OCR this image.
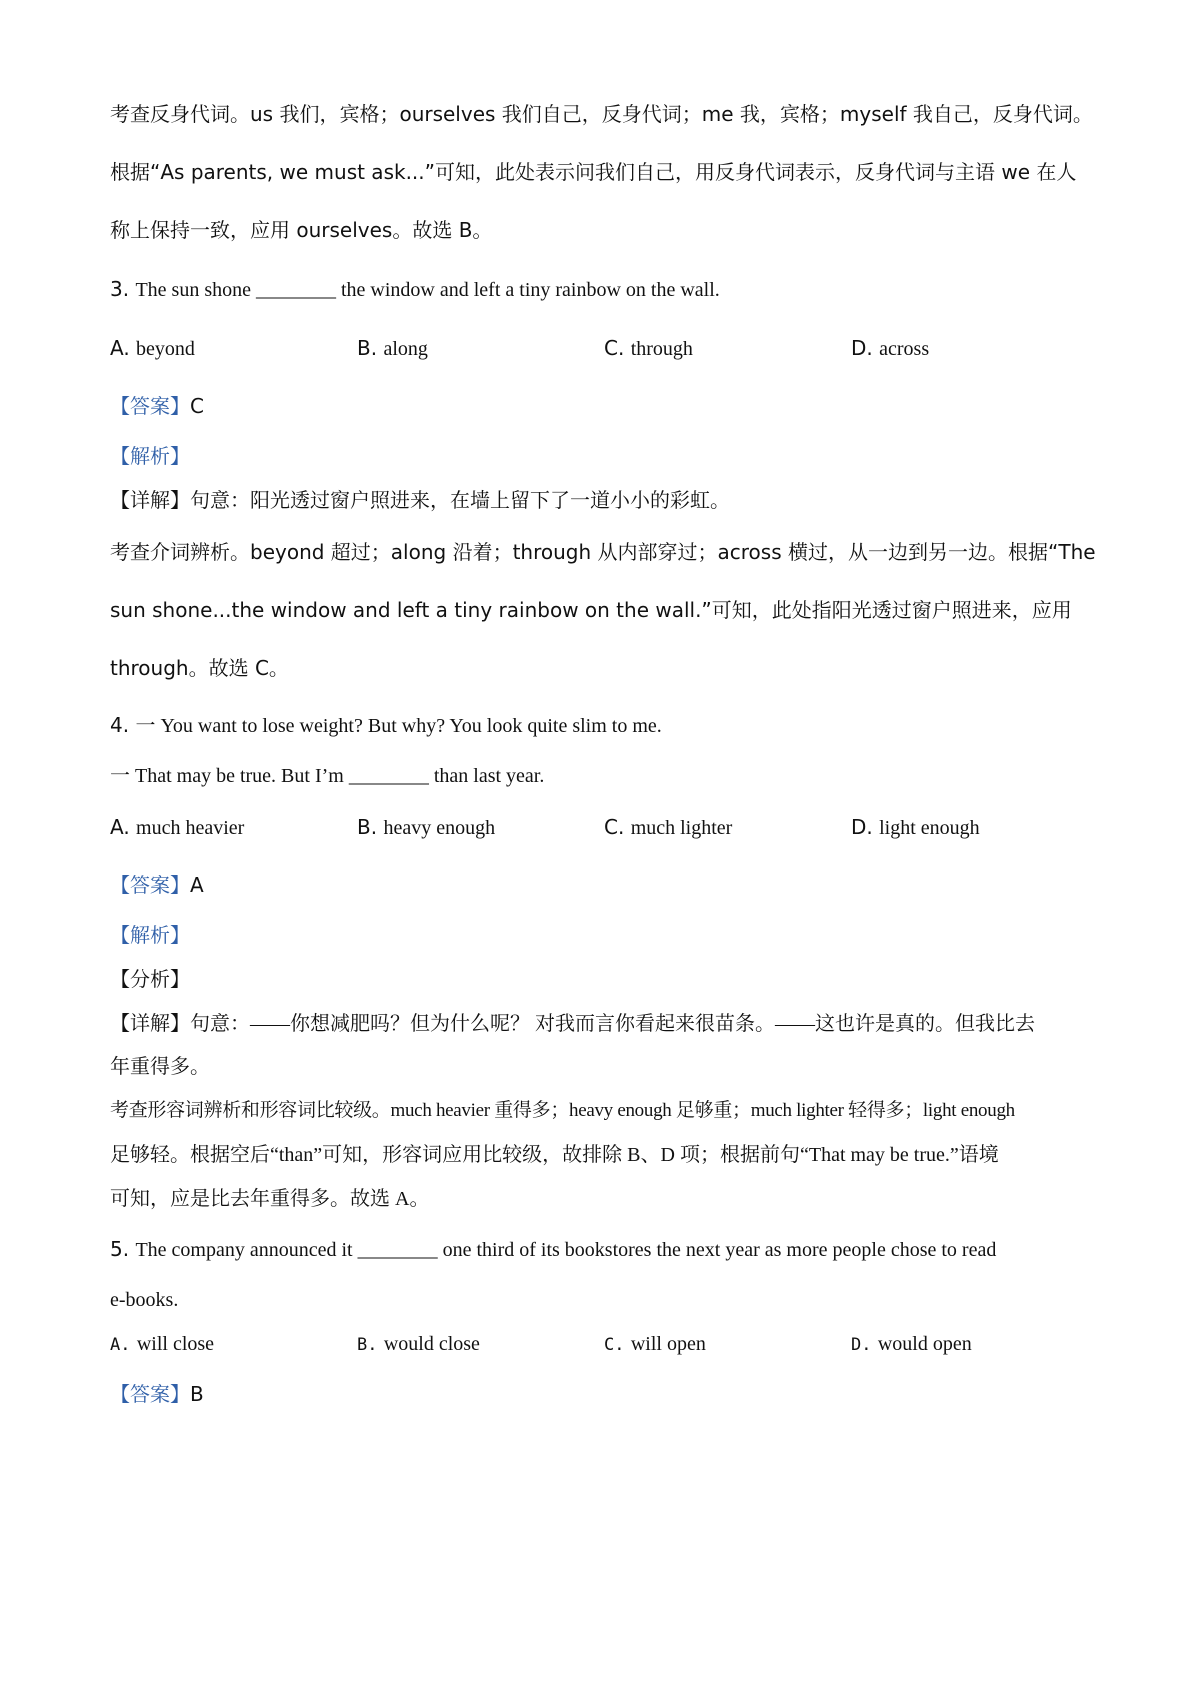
考查反身代词。us 我们，宾格；ourselves 我们自己，反身代词；me 我，宾格；myself 我自己，反身代词。
根据“As parents, we must ask...”可知，此处表示问我们自己，用反身代词表示，反身代词与主语 we 在人
称上保持一致，应用 ourselves。故选 B。
3. The sun shone ________ the window and left a tiny rainbow on the wall.
A. beyond	B. along	C. through	D. across
【答案】C
【解析】
【详解】句意：阳光透过窗户照进来，在墙上留下了一道小小的彩虹。
考查介词辨析。beyond 超过；along 沿着；through 从内部穿过；across 横过，从一边到另一边。根据“The
sun shone...the window and left a tiny rainbow on the wall.”可知，此处指阳光透过窗户照进来，应用
through。故选 C。
4. 一 You want to lose weight? But why? You look quite slim to me.
一 That may be true. But I’m ________ than last year.
A. much heavier	B. heavy enough	C. much lighter	D. light enough
【答案】A
【解析】
【分析】
【详解】句意：——你想减肥吗？但为什么呢？ 对我而言你看起来很苗条。——这也许是真的。但我比去
年重得多。
考查形容词辨析和形容词比较级。much heavier 重得多；heavy enough 足够重；much lighter 轻得多；light enough
足够轻。根据空后“than”可知，形容词应用比较级，故排除 B、D 项；根据前句“That may be true.”语境
可知，应是比去年重得多。故选 A。
5. The company announced it ________ one third of its bookstores the next year as more people chose to read
e-books.
A. will close	B. would close	C. will open	D. would open
【答案】B
